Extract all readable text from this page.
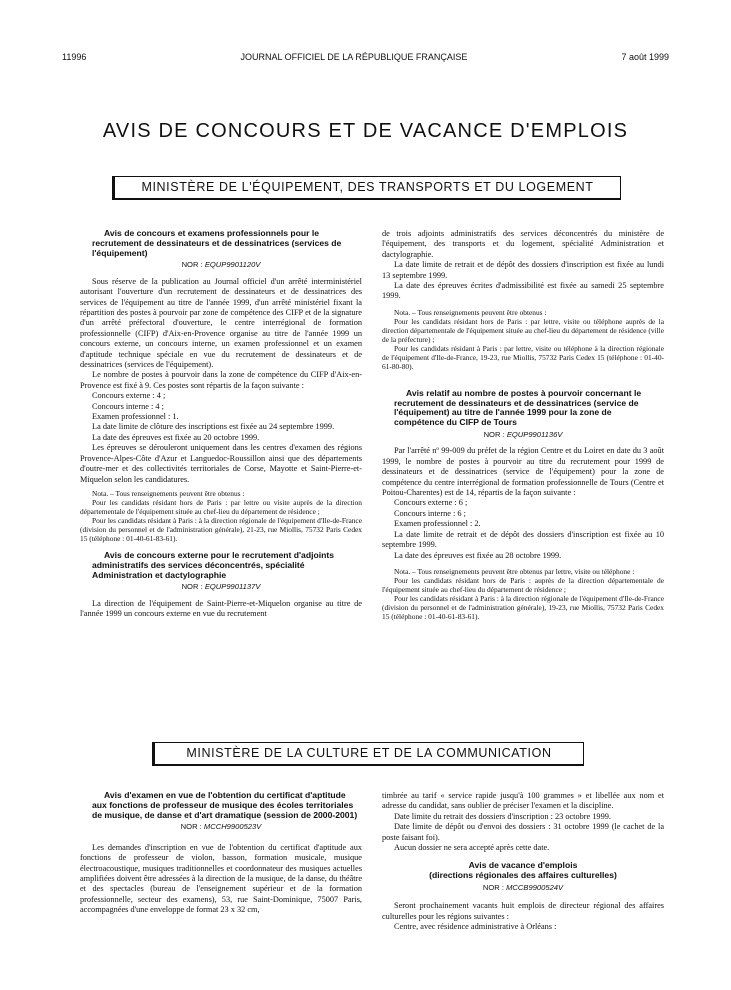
11996	JOURNAL OFFICIEL DE LA RÉPUBLIQUE FRANÇAISE	7 août 1999
AVIS DE CONCOURS ET DE VACANCE D'EMPLOIS
MINISTÈRE DE L'ÉQUIPEMENT, DES TRANSPORTS ET DU LOGEMENT

Avis de concours et examens professionnels pour le recrutement de dessinateurs et de dessinatrices (services de l'équipement)

NOR : EQUP9901120V

Sous réserve de la publication au Journal officiel d'un arrêté interministériel autorisant l'ouverture d'un recrutement de dessinateurs et de dessinatrices des services de l'équipement au titre de l'année 1999, d'un arrêté ministériel fixant la répartition des postes à pourvoir par zone de compétence des CIFP et de la signature d'un arrêté préfectoral d'ouverture, le centre interrégional de formation professionnelle (CIFP) d'Aix-en-Provence organise au titre de l'année 1999 un concours externe, un concours interne, un examen professionnel et un examen d'aptitude technique spéciale en vue du recrutement de dessinateurs et de dessinatrices (services de l'équipement).

Le nombre de postes à pourvoir dans la zone de compétence du CIFP d'Aix-en-Provence est fixé à 9. Ces postes sont répartis de la façon suivante :

Concours externe : 4 ;

Concours interne : 4 ;

Examen professionnel : 1.

La date limite de clôture des inscriptions est fixée au 24 septembre 1999.

La date des épreuves est fixée au 20 octobre 1999.

Les épreuves se dérouleront uniquement dans les centres d'examen des régions Provence-Alpes-Côte d'Azur et Languedoc-Roussillon ainsi que des départements d'outre-mer et des collectivités territoriales de Corse, Mayotte et Saint-Pierre-et-Miquelon selon les candidatures.

Nota. – Tous renseignements peuvent être obtenus :

Pour les candidats résidant hors de Paris : par lettre ou visite auprès de la direction départementale de l'équipement située au chef-lieu du département de résidence ;

Pour les candidats résidant à Paris : à la direction régionale de l'équipement d'Ile-de-France (division du personnel et de l'administration générale), 21-23, rue Miollis, 75732 Paris Cedex 15 (téléphone : 01-40-61-83-61).

Avis de concours externe pour le recrutement d'adjoints administratifs des services déconcentrés, spécialité Administration et dactylographie

NOR : EQUP9901137V

La direction de l'équipement de Saint-Pierre-et-Miquelon organise au titre de l'année 1999 un concours externe en vue du recrutement

de trois adjoints administratifs des services déconcentrés du ministère de l'équipement, des transports et du logement, spécialité Administration et dactylographie.

La date limite de retrait et de dépôt des dossiers d'inscription est fixée au lundi 13 septembre 1999.

La date des épreuves écrites d'admissibilité est fixée au samedi 25 septembre 1999.

Nota. – Tous renseignements peuvent être obtenus :

Pour les candidats résidant hors de Paris : par lettre, visite ou téléphone auprès de la direction départementale de l'équipement située au chef-lieu du département de résidence (ville de la préfecture) ;

Pour les candidats résidant à Paris : par lettre, visite ou téléphone à la direction régionale de l'équipement d'Ile-de-France, 19-23, rue Miollis, 75732 Paris Cedex 15 (téléphone : 01-40-61-80-80).

Avis relatif au nombre de postes à pourvoir concernant le recrutement de dessinateurs et de dessinatrices (service de l'équipement) au titre de l'année 1999 pour la zone de compétence du CIFP de Tours

NOR : EQUP9901136V

Par l'arrêté nº 99-009 du préfet de la région Centre et du Loiret en date du 3 août 1999, le nombre de postes à pourvoir au titre du recrutement pour 1999 de dessinateurs et de dessinatrices (service de l'équipement) pour la zone de compétence du centre interrégional de formation professionnelle de Tours (Centre et Poitou-Charentes) est de 14, répartis de la façon suivante :

Concours externe : 6 ;

Concours interne : 6 ;

Examen professionnel : 2.

La date limite de retrait et de dépôt des dossiers d'inscription est fixée au 10 septembre 1999.

La date des épreuves est fixée au 28 octobre 1999.

Nota. – Tous renseignements peuvent être obtenus par lettre, visite ou téléphone :

Pour les candidats résidant hors de Paris : auprès de la direction départementale de l'équipement située au chef-lieu du département de résidence ;

Pour les candidats résidant à Paris : à la direction régionale de l'équipement d'Ile-de-France (division du personnel et de l'administration générale), 19-23, rue Miollis, 75732 Paris Cedex 15 (téléphone : 01-40-61-83-61).

MINISTÈRE DE LA CULTURE ET DE LA COMMUNICATION

Avis d'examen en vue de l'obtention du certificat d'aptitude aux fonctions de professeur de musique des écoles territoriales de musique, de danse et d'art dramatique (session de 2000-2001)

NOR : MCCH9900523V

Les demandes d'inscription en vue de l'obtention du certificat d'aptitude aux fonctions de professeur de violon, basson, formation musicale, musique électroacoustique, musiques traditionnelles et coordonnateur des musiques actuelles amplifiées doivent être adressées à la direction de la musique, de la danse, du théâtre et des spectacles (bureau de l'enseignement supérieur et de la formation professionnelle, secteur des examens), 53, rue Saint-Dominique, 75007 Paris, accompagnées d'une enveloppe de format 23 x 32 cm,

timbrée au tarif « service rapide jusqu'à 100 grammes » et libellée aux nom et adresse du candidat, sans oublier de préciser l'examen et la discipline.

Date limite du retrait des dossiers d'inscription : 23 octobre 1999.

Date limite de dépôt ou d'envoi des dossiers : 31 octobre 1999 (le cachet de la poste faisant foi).

Aucun dossier ne sera accepté après cette date.

Avis de vacance d'emplois

(directions régionales des affaires culturelles)

NOR : MCCB9900524V

Seront prochainement vacants huit emplois de directeur régional des affaires culturelles pour les régions suivantes :

Centre, avec résidence administrative à Orléans :
